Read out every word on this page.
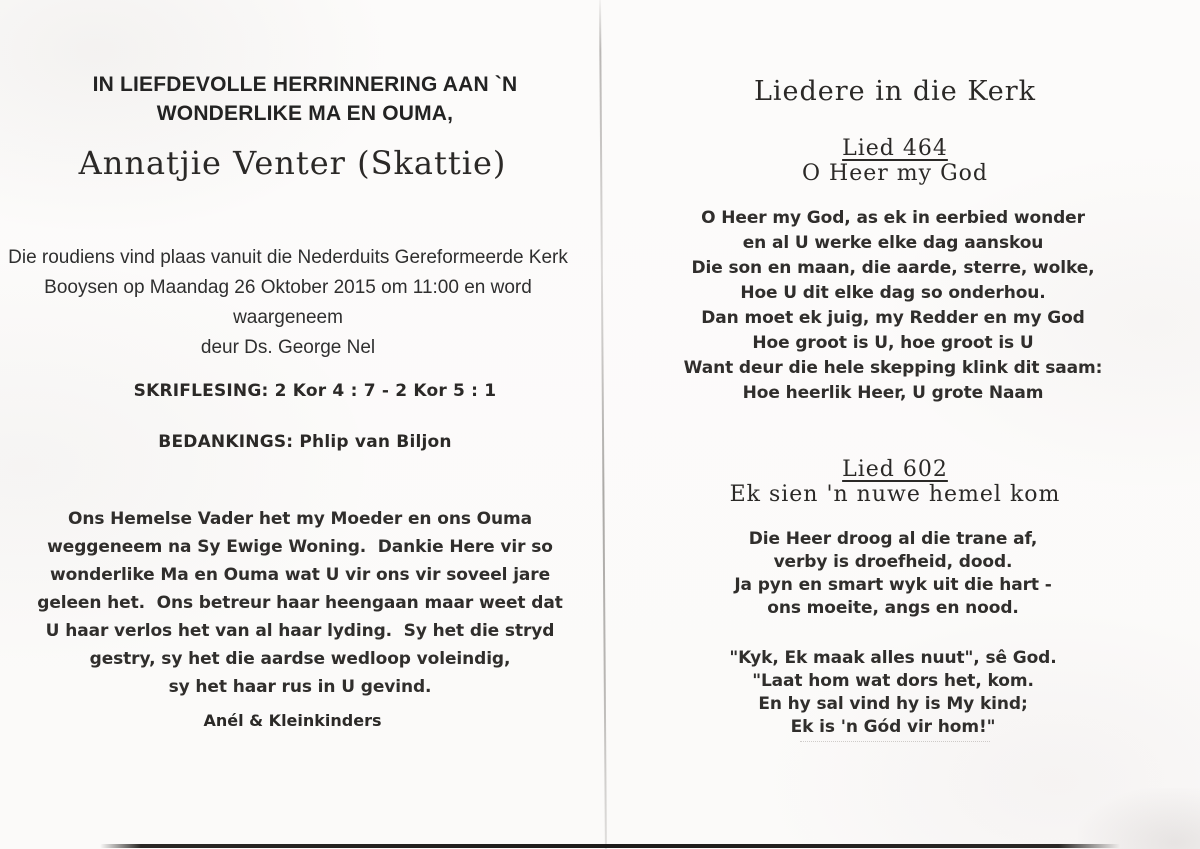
IN LIEFDEVOLLE HERRINNERING AAN `N
WONDERLIKE MA EN OUMA,
Annatjie Venter (Skattie)
Die roudiens vind plaas vanuit die Nederduits Gereformeerde Kerk
Booysen op Maandag 26 Oktober 2015 om 11:00 en word waargeneem
deur Ds. George Nel
SKRIFLESING: 2 Kor 4 : 7 - 2 Kor 5 : 1
BEDANKINGS: Phlip van Biljon
Ons Hemelse Vader het my Moeder en ons Ouma
weggeneem na Sy Ewige Woning.  Dankie Here vir so
wonderlike Ma en Ouma wat U vir ons vir soveel jare
geleen het.  Ons betreur haar heengaan maar weet dat
U haar verlos het van al haar lyding.  Sy het die stryd
gestry, sy het die aardse wedloop voleindig,
sy het haar rus in U gevind.
Anél & Kleinkinders
Liedere in die Kerk
Lied 464
O Heer my God
O Heer my God, as ek in eerbied wonder
en al U werke elke dag aanskou
Die son en maan, die aarde, sterre, wolke,
Hoe U dit elke dag so onderhou.
Dan moet ek juig, my Redder en my God
Hoe groot is U, hoe groot is U
Want deur die hele skepping klink dit saam:
Hoe heerlik Heer, U grote Naam
Lied 602
Ek sien 'n nuwe hemel kom
Die Heer droog al die trane af,
verby is droefheid, dood.
Ja pyn en smart wyk uit die hart -
ons moeite, angs en nood.
"Kyk, Ek maak alles nuut", sê God.
"Laat hom wat dors het, kom.
En hy sal vind hy is My kind;
Ek is 'n Gód vir hom!"
